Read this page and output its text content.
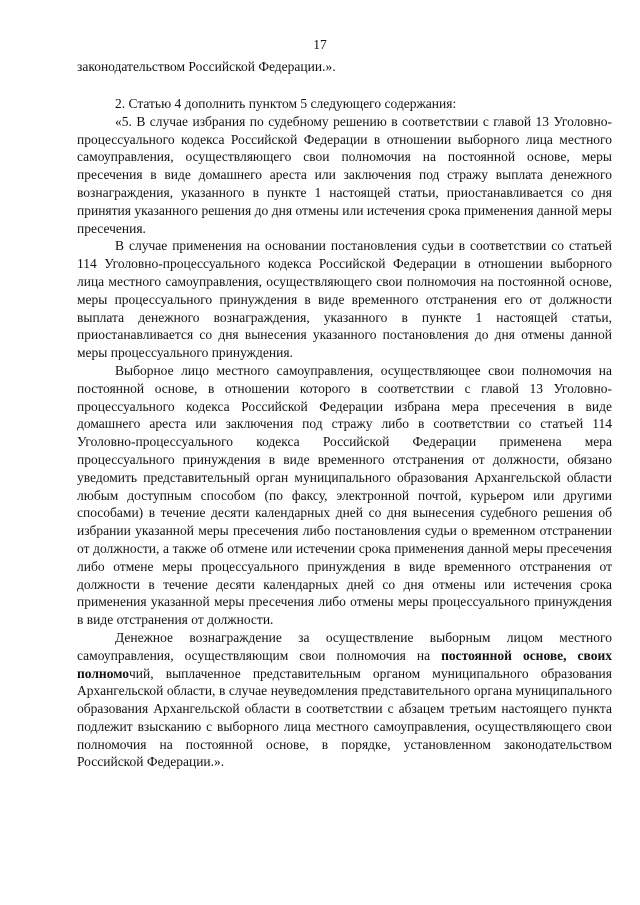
17
законодательством Российской Федерации.».

2. Статью 4 дополнить пунктом 5 следующего содержания:

«5. В случае избрания по судебному решению в соответствии с главой 13 Уголовно-процессуального кодекса Российской Федерации в отношении выборного лица местного самоуправления, осуществляющего свои полномочия на постоянной основе, меры пресечения в виде домашнего ареста или заключения под стражу выплата денежного вознаграждения, указанного в пункте 1 настоящей статьи, приостанавливается со дня принятия указанного решения до дня отмены или истечения срока применения данной меры пресечения.

В случае применения на основании постановления судьи в соответствии со статьей 114 Уголовно-процессуального кодекса Российской Федерации в отношении выборного лица местного самоуправления, осуществляющего свои полномочия на постоянной основе, меры процессуального принуждения в виде временного отстранения его от должности выплата денежного вознаграждения, указанного в пункте 1 настоящей статьи, приостанавливается со дня вынесения указанного постановления до дня отмены данной меры процессуального принуждения.

Выборное лицо местного самоуправления, осуществляющее свои полномочия на постоянной основе, в отношении которого в соответствии с главой 13 Уголовно-процессуального кодекса Российской Федерации избрана мера пресечения в виде домашнего ареста или заключения под стражу либо в соответствии со статьей 114 Уголовно-процессуального кодекса Российской Федерации применена мера процессуального принуждения в виде временного отстранения от должности, обязано уведомить представительный орган муниципального образования Архангельской области любым доступным способом (по факсу, электронной почтой, курьером или другими способами) в течение десяти календарных дней со дня вынесения судебного решения об избрании указанной меры пресечения либо постановления судьи о временном отстранении от должности, а также об отмене или истечении срока применения данной меры пресечения либо отмене меры процессуального принуждения в виде временного отстранения от должности в течение десяти календарных дней со дня отмены или истечения срока применения указанной меры пресечения либо отмены меры процессуального принуждения в виде отстранения от должности.

Денежное вознаграждение за осуществление выборным лицом местного самоуправления, осуществляющим свои полномочия на постоянной основе, своих полномочий, выплаченное представительным органом муниципального образования Архангельской области, в случае неуведомления представительного органа муниципального образования Архангельской области в соответствии с абзацем третьим настоящего пункта подлежит взысканию с выборного лица местного самоуправления, осуществляющего свои полномочия на постоянной основе, в порядке, установленном законодательством Российской Федерации.».
